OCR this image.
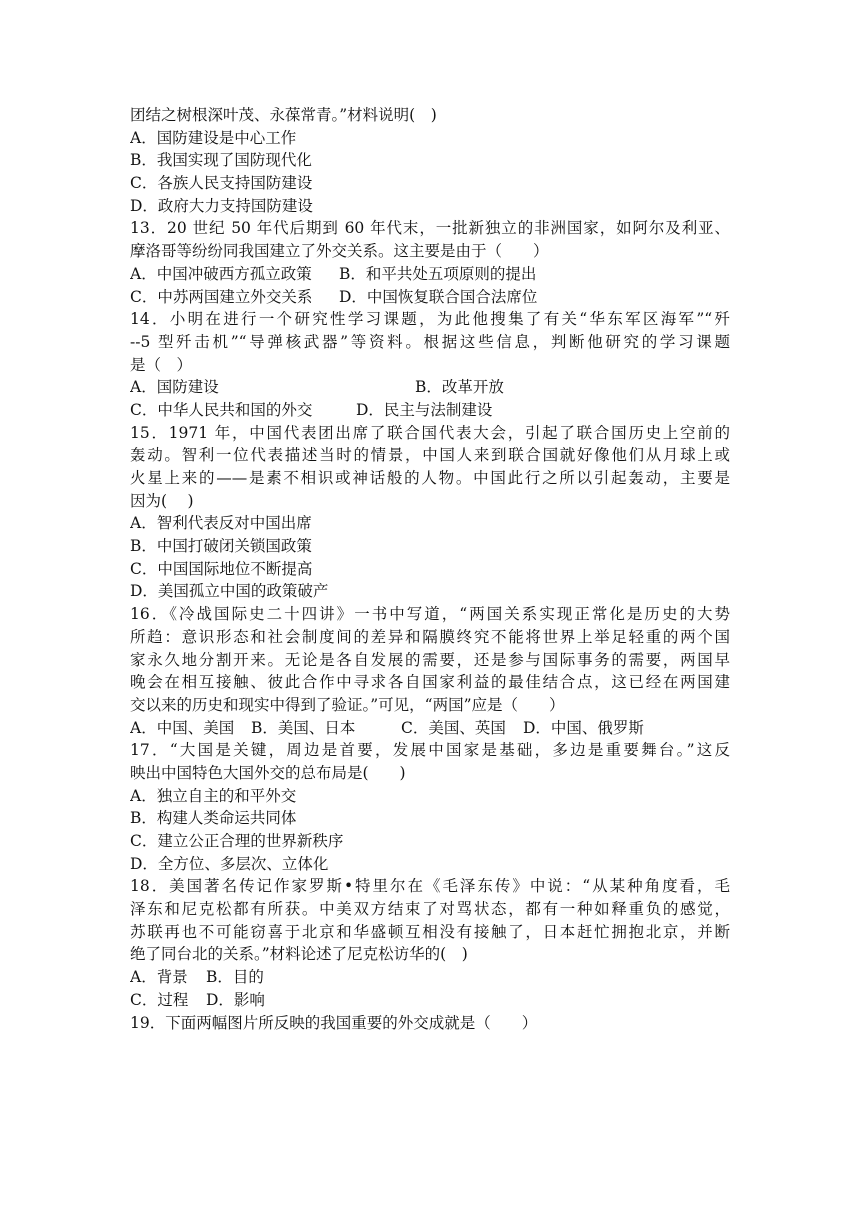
团结之树根深叶茂、永葆常青。”材料说明(　)
A．国防建设是中心工作
B．我国实现了国防现代化
C．各族人民支持国防建设
D．政府大力支持国防建设
13．20 世纪 50 年代后期到 60 年代末，一批新独立的非洲国家，如阿尔及利亚、
摩洛哥等纷纷同我国建立了外交关系。这主要是由于（　　）
A．中国冲破西方孤立政策	B．和平共处五项原则的提出
C．中苏两国建立外交关系	D．中国恢复联合国合法席位
14．小明在进行一个研究性学习课题，为此他搜集了有关“华东军区海军”“歼
--5 型歼击机”“导弹核武器”等资料。根据这些信息，判断他研究的学习课题
是（　）
A．国防建设	B．改革开放
C．中华人民共和国的外交	D．民主与法制建设
15．1971 年，中国代表团出席了联合国代表大会，引起了联合国历史上空前的
轰动。智利一位代表描述当时的情景，中国人来到联合国就好像他们从月球上或
火星上来的——是素不相识或神话般的人物。中国此行之所以引起轰动，主要是
因为(　 )
A．智利代表反对中国出席
B．中国打破闭关锁国政策
C．中国国际地位不断提高
D．美国孤立中国的政策破产
16．《冷战国际史二十四讲》一书中写道，“两国关系实现正常化是历史的大势
所趋：意识形态和社会制度间的差异和隔膜终究不能将世界上举足轻重的两个国
家永久地分割开来。无论是各自发展的需要，还是参与国际事务的需要，两国早
晚会在相互接触、彼此合作中寻求各自国家利益的最佳结合点，这已经在两国建
交以来的历史和现实中得到了验证。”可见，“两国”应是（　　）
A．中国、美国	B．美国、日本	C．美国、英国	D．中国、俄罗斯
17．“大国是关键，周边是首要，发展中国家是基础，多边是重要舞台。”这反
映出中国特色大国外交的总布局是(　　)
A．独立自主的和平外交
B．构建人类命运共同体
C．建立公正合理的世界新秩序
D．全方位、多层次、立体化
18．美国著名传记作家罗斯•特里尔在《毛泽东传》中说：“从某种角度看，毛
泽东和尼克松都有所获。中美双方结束了对骂状态，都有一种如释重负的感觉，
苏联再也不可能窃喜于北京和华盛顿互相没有接触了，日本赶忙拥抱北京，并断
绝了同台北的关系。”材料论述了尼克松访华的(　)
A．背景	B．目的
C．过程	D．影响
19．下面两幅图片所反映的我国重要的外交成就是（　　）
